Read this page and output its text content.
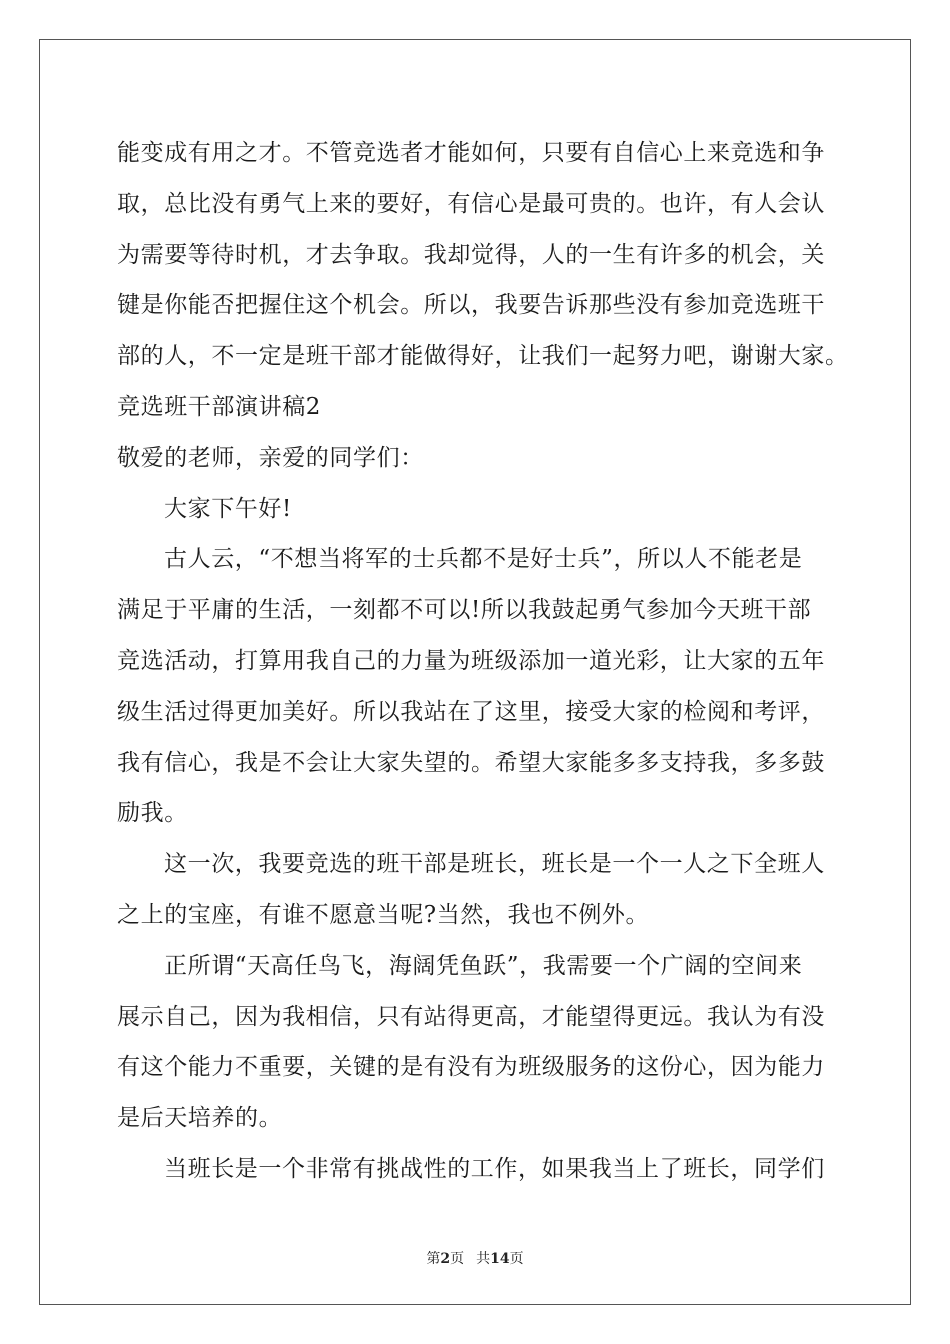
能变成有用之才。不管竞选者才能如何，只要有自信心上来竞选和争
取，总比没有勇气上来的要好，有信心是最可贵的。也许，有人会认
为需要等待时机，才去争取。我却觉得，人的一生有许多的机会，关
键是你能否把握住这个机会。所以，我要告诉那些没有参加竞选班干
部的人，不一定是班干部才能做得好，让我们一起努力吧，谢谢大家。
竞选班干部演讲稿2
敬爱的老师，亲爱的同学们：
大家下午好!
古人云，“不想当将军的士兵都不是好士兵”，所以人不能老是
满足于平庸的生活，一刻都不可以!所以我鼓起勇气参加今天班干部
竞选活动，打算用我自己的力量为班级添加一道光彩，让大家的五年
级生活过得更加美好。所以我站在了这里，接受大家的检阅和考评，
我有信心，我是不会让大家失望的。希望大家能多多支持我，多多鼓
励我。
这一次，我要竞选的班干部是班长，班长是一个一人之下全班人
之上的宝座，有谁不愿意当呢?当然，我也不例外。
正所谓“天高任鸟飞，海阔凭鱼跃”，我需要一个广阔的空间来
展示自己，因为我相信，只有站得更高，才能望得更远。我认为有没
有这个能力不重要，关键的是有没有为班级服务的这份心，因为能力
是后天培养的。
当班长是一个非常有挑战性的工作，如果我当上了班长，同学们
第2页 共14页
